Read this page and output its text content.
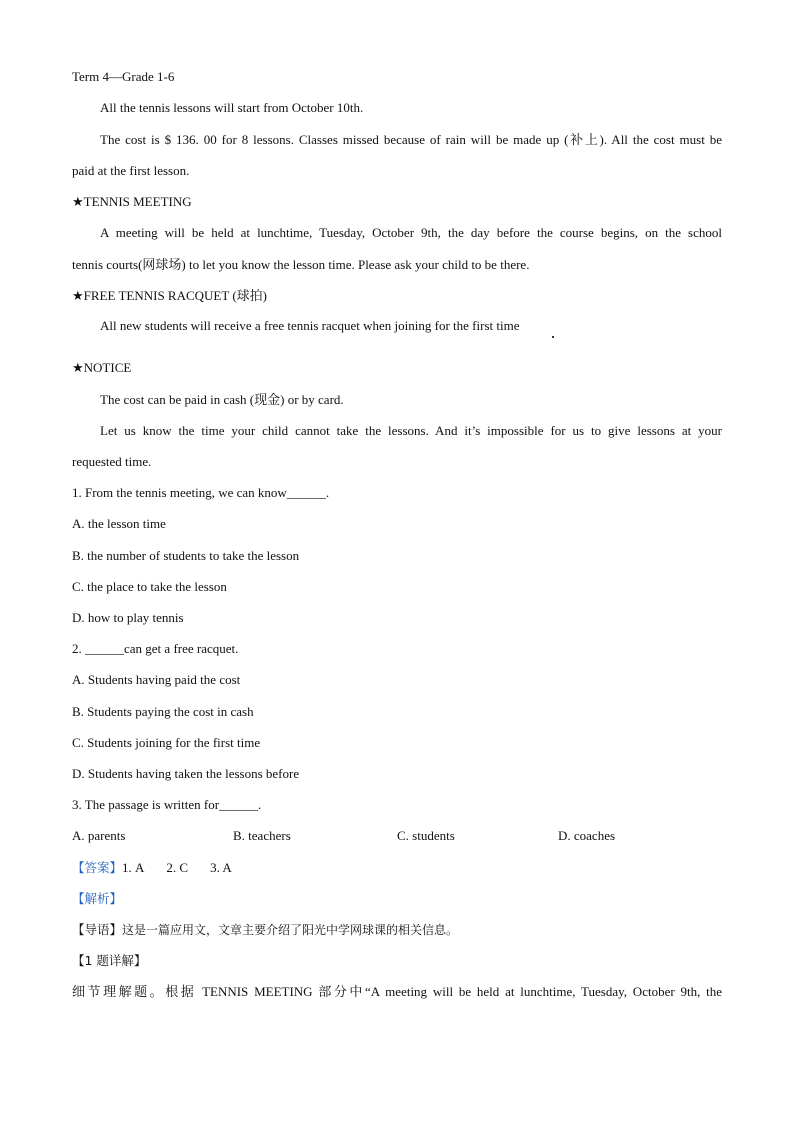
Term 4—Grade 1-6
All the tennis lessons will start from October 10th.
The cost is $ 136. 00 for 8 lessons. Classes missed because of rain will be made up (补上). All the cost must be
paid at the first lesson.
★TENNIS MEETING
A meeting will be held at lunchtime, Tuesday, October 9th, the day before the course begins, on the school
tennis courts(网球场) to let you know the lesson time. Please ask your child to be there.
★FREE TENNIS RACQUET (球拍)
All new students will receive a free tennis racquet when joining for the first time
★NOTICE
The cost can be paid in cash (现金) or by card.
Let us know the time your child cannot take the lessons. And it’s impossible for us to give lessons at your
requested time.
1. From the tennis meeting, we can know______.
A. the lesson time
B. the number of students to take the lesson
C. the place to take the lesson
D. how to play tennis
2. ______can get a free racquet.
A. Students having paid the cost
B. Students paying the cost in cash
C. Students joining for the first time
D. Students having taken the lessons before
3. The passage is written for______.
A. parents	B. teachers	C. students	D. coaches
【答案】1. A 2. C 3. A
【解析】
【导语】这是一篇应用文，文章主要介绍了阳光中学网球课的相关信息。
【1 题详解】
细节理解题。根据 TENNIS MEETING 部分中“A meeting will be held at lunchtime, Tuesday, October 9th, the
